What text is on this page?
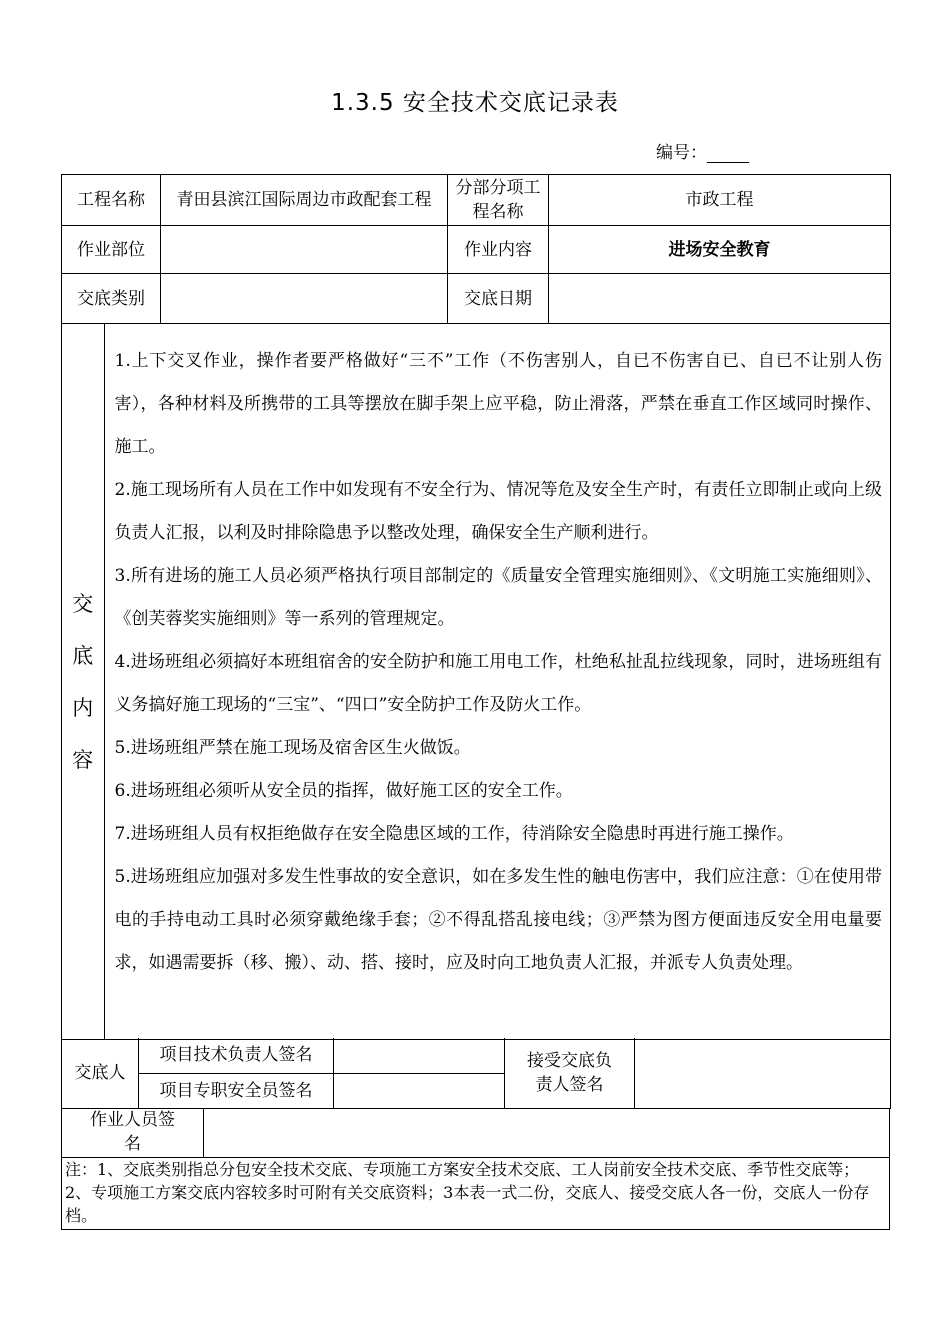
1.3.5 安全技术交底记录表
编号：
工程名称	青田县滨江国际周边市政配套工程	分部分项工程名称	市政工程
作业部位		作业内容	进场安全教育
交底类别		交底日期	

交
底
内
容

1.上下交叉作业，操作者要严格做好“三不”工作（不伤害别人，自已不伤害自已、自已不让别人伤害），各种材料及所携带的工具等摆放在脚手架上应平稳，防止滑落，严禁在垂直工作区域同时操作、施工。

2.施工现场所有人员在工作中如发现有不安全行为、情况等危及安全生产时，有责任立即制止或向上级负责人汇报，以利及时排除隐患予以整改处理，确保安全生产顺利进行。

3.所有进场的施工人员必须严格执行项目部制定的《质量安全管理实施细则》、《文明施工实施细则》、《创芙蓉奖实施细则》等一系列的管理规定。

4.进场班组必须搞好本班组宿舍的安全防护和施工用电工作，杜绝私扯乱拉线现象，同时，进场班组有义务搞好施工现场的“三宝”、“四口”安全防护工作及防火工作。

5.进场班组严禁在施工现场及宿舍区生火做饭。

6.进场班组必须听从安全员的指挥，做好施工区的安全工作。

7.进场班组人员有权拒绝做存在安全隐患区域的工作，待消除安全隐患时再进行施工操作。

5.进场班组应加强对多发生性事故的安全意识，如在多发生性的触电伤害中，我们应注意：①在使用带电的手持电动工具时必须穿戴绝缘手套；②不得乱搭乱接电线；③严禁为图方便面违反安全用电量要求，如遇需要拆（移、搬）、动、搭、接时，应及时向工地负责人汇报，并派专人负责处理。

交底人	项目技术负责人签名		接受交底负责人签名	
	项目专职安全员签名			
作业人员签名	
注：1、交底类别指总分包安全技术交底、专项施工方案安全技术交底、工人岗前安全技术交底、季节性交底等；2、专项施工方案交底内容较多时可附有关交底资料；3本表一式二份，交底人、接受交底人各一份，交底人一份存档。
